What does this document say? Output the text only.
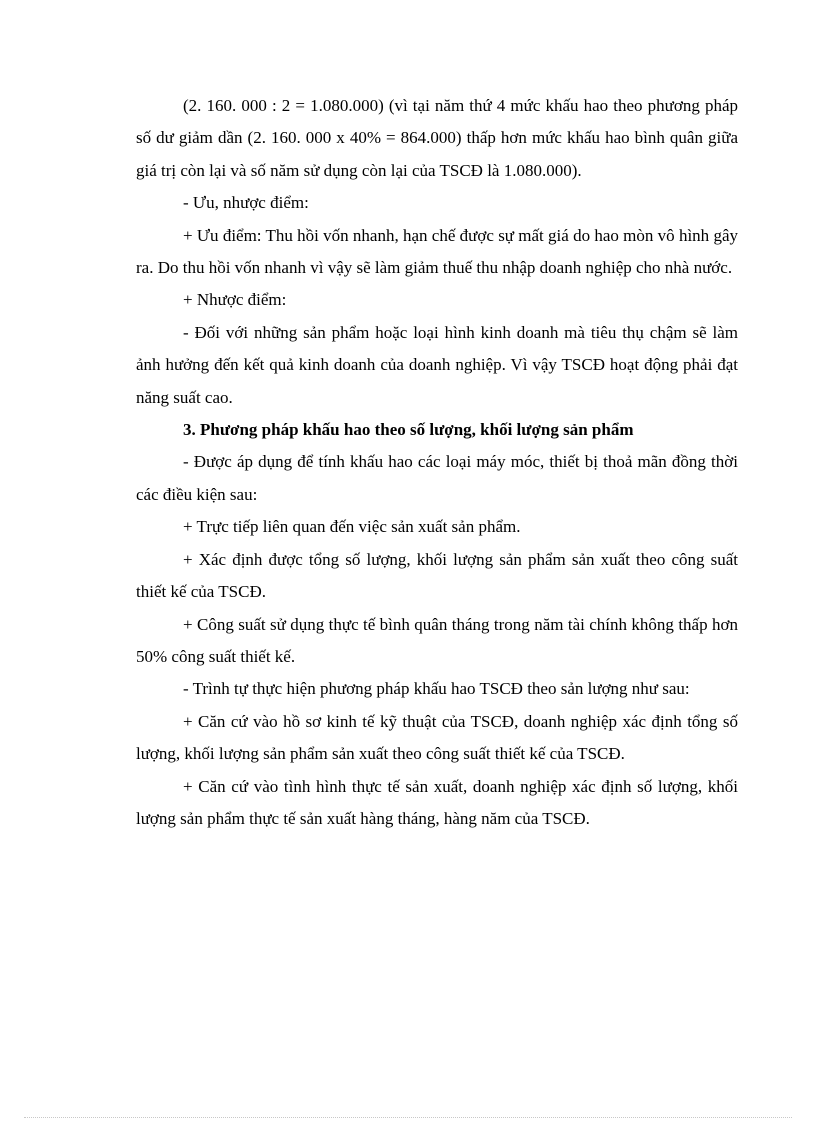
(2. 160. 000 : 2 = 1.080.000) (vì tại năm thứ 4 mức khấu hao theo phương pháp số dư giảm dần (2. 160. 000 x 40% = 864.000) thấp hơn mức khấu hao bình quân giữa giá trị còn lại và số năm sử dụng còn lại của TSCĐ là 1.080.000).

- Ưu, nhược điểm:

+ Ưu điểm: Thu hồi vốn nhanh, hạn chế được sự mất giá do hao mòn vô hình gây ra. Do thu hồi vốn nhanh vì vậy sẽ làm giảm thuế thu nhập doanh nghiệp cho nhà nước.

+ Nhược điểm:

- Đối với những sản phẩm hoặc loại hình kinh doanh mà tiêu thụ chậm sẽ làm ảnh hưởng đến kết quả kinh doanh của doanh nghiệp. Vì vậy TSCĐ hoạt động phải đạt năng suất cao.

3. Phương pháp khấu hao theo số lượng, khối lượng sản phẩm

- Được áp dụng để tính khấu hao các loại máy móc, thiết bị thoả mãn đồng thời các điều kiện sau:

+ Trực tiếp liên quan đến việc sản xuất sản phẩm.

+ Xác định được tổng số lượng, khối lượng sản phẩm sản xuất theo công suất thiết kế của TSCĐ.

+ Công suất sử dụng thực tế bình quân tháng trong năm tài chính không thấp hơn 50% công suất thiết kế.

- Trình tự thực hiện phương pháp khấu hao TSCĐ theo sản lượng như sau:

+ Căn cứ vào hồ sơ kinh tế kỹ thuật của TSCĐ, doanh nghiệp xác định tổng số lượng, khối lượng sản phẩm sản xuất theo công suất thiết kế của TSCĐ.

+ Căn cứ vào tình hình thực tế sản xuất, doanh nghiệp xác định số lượng, khối lượng sản phẩm thực tế sản xuất hàng tháng, hàng năm của TSCĐ.
